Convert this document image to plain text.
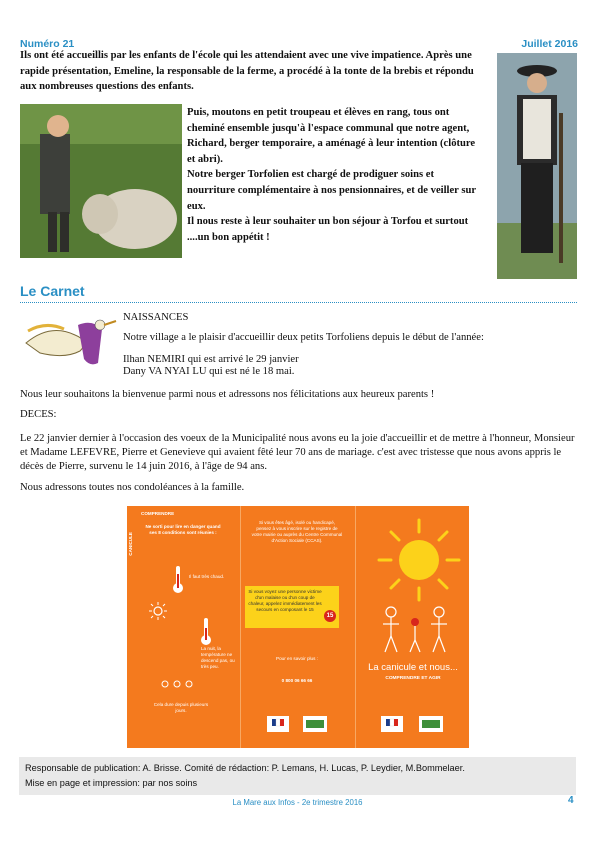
Numéro 21	Juillet 2016

Ils ont été accueillis par les enfants de l'école qui les attendaient avec une vive impatience. Après une rapide présentation, Emeline, la responsable de la ferme, a procédé à la tonte de la brebis et répondu aux nombreuses questions des enfants.

Puis, moutons en petit troupeau et élèves en rang, tous ont

cheminé ensemble jusqu'à l'espace communal que notre agent,

Richard, berger temporaire, a aménagé à leur intention (clôture

et abri).

Notre berger Torfolien est chargé de prodiguer soins et

nourriture complémentaire à nos pensionnaires, et de veiller sur

eux.

Il nous reste à leur souhaiter un bon séjour à Torfou et surtout

....un bon appétit !

Le Carnet
NAISSANCES
Notre village a le plaisir d'accueillir deux petits Torfoliens depuis le début de l'année:
Ilhan NEMIRI qui est arrivé le 29 janvier
Dany VA NYAI LU qui est né le 18 mai.
Nous leur souhaitons la bienvenue parmi nous et adressons nos félicitations aux heureux parents !
DECES:
Le 22 janvier dernier à l'occasion des voeux de la Municipalité nous avons eu la joie d'accueillir et de mettre à l'honneur, Monsieur et Madame LEFEVRE, Pierre et Genevieve qui avaient fêté leur 70 ans de mariage. c'est avec tristesse que nous avons appris le décès de Pierre, survenu le 14 juin 2016, à l'âge de 94 ans.
Nous adressons toutes nos condoléances à la famille.
COMPRENDRE
CANICULE
Ne sorti pour lire en danger quand ses 8 conditions sont réunies :
Il faut très chaud.
La nuit, la température ne descend pas, ou très peu.
Cela dure depuis plusieurs jours.
Si vous êtes âgé, isolé ou handicapé, pensez à vous inscrire sur le registre de votre mairie ou auprès du Centre Communal d'Action Sociale (CCAS).
Si vous voyez une personne victime d'un malaise ou d'un coup de chaleur, appelez immédiatement les secours en composant le 15
15
Pour en savoir plus :
0 800 06 66 66
La canicule et nous...
COMPRENDRE ET AGIR
Responsable de publication: A. Brisse. Comité de rédaction: P. Lemans, H. Lucas, P. Leydier, M.Bommelaer.
Mise en page et impression: par nos soins
La Mare aux Infos - 2e trimestre 2016	4
